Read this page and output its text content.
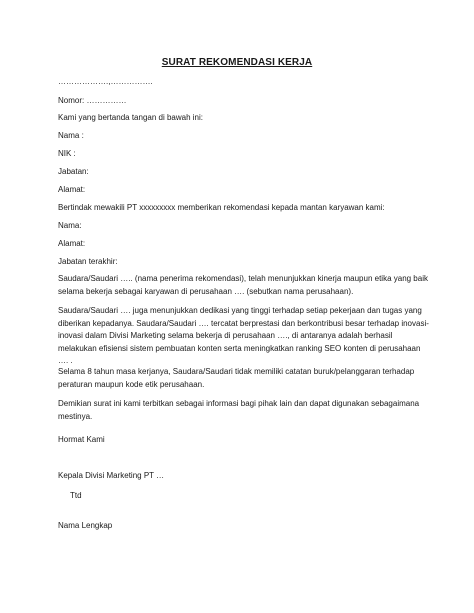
SURAT REKOMENDASI KERJA
……………….,…………….
Nomor: ……………
Kami yang bertanda tangan di bawah ini:
Nama :
NIK :
Jabatan:
Alamat:
Bertindak mewakili PT xxxxxxxxx memberikan rekomendasi kepada mantan karyawan kami:
Nama:
Alamat:
Jabatan terakhir:
Saudara/Saudari ….. (nama penerima rekomendasi), telah menunjukkan kinerja maupun etika yang baik
selama bekerja sebagai karyawan di perusahaan …. (sebutkan nama perusahaan).
Saudara/Saudari …. juga menunjukkan dedikasi yang tinggi terhadap setiap pekerjaan dan tugas yang
diberikan kepadanya. Saudara/Saudari …. tercatat berprestasi dan berkontribusi besar terhadap inovasi-
inovasi dalam Divisi Marketing selama bekerja di perusahaan …., di antaranya adalah berhasil
melakukan efisiensi sistem pembuatan konten serta meningkatkan ranking SEO konten di perusahaan
…. .
Selama 8 tahun masa kerjanya, Saudara/Saudari tidak memiliki catatan buruk/pelanggaran terhadap
peraturan maupun kode etik perusahaan.
Demikian surat ini kami terbitkan sebagai informasi bagi pihak lain dan dapat digunakan sebagaimana
mestinya.
Hormat Kami
Kepala Divisi Marketing PT …
Ttd
Nama Lengkap
